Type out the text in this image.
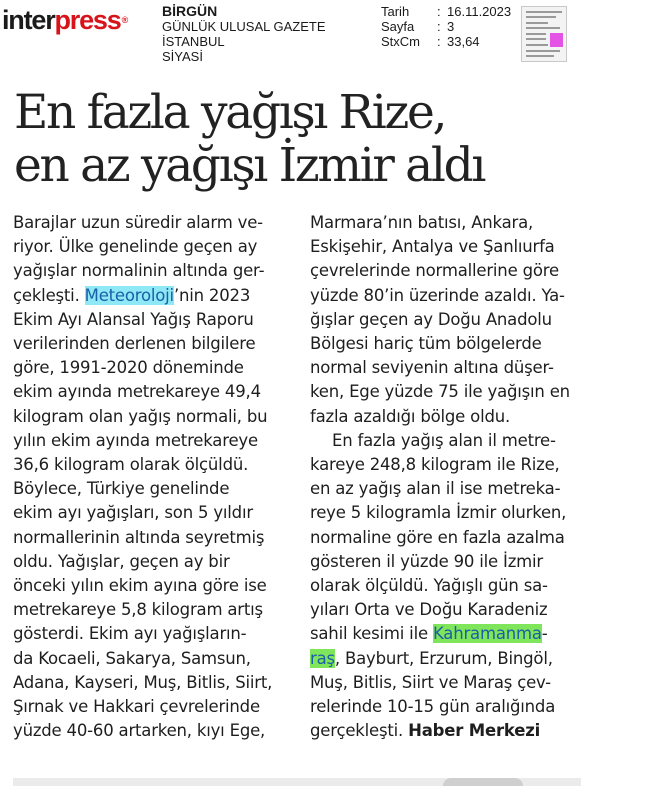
interpress®
BİRGÜN
GÜNLÜK ULUSAL GAZETE
İSTANBUL
SİYASİ
Tarih	: 16.11.2023
Sayfa	: 3
StxCm	: 33,64
En fazla yağışı Rize,
en az yağışı İzmir aldı
Barajlar uzun süredir alarm ve-
riyor. Ülke genelinde geçen ay
yağışlar normalinin altında ger-
çekleşti. Meteoroloji’nin 2023
Ekim Ayı Alansal Yağış Raporu
verilerinden derlenen bilgilere
göre, 1991-2020 döneminde
ekim ayında metrekareye 49,4
kilogram olan yağış normali, bu
yılın ekim ayında metrekareye
36,6 kilogram olarak ölçüldü.
Böylece, Türkiye genelinde
ekim ayı yağışları, son 5 yıldır
normallerinin altında seyretmiş
oldu. Yağışlar, geçen ay bir
önceki yılın ekim ayına göre ise
metrekareye 5,8 kilogram artış
gösterdi. Ekim ayı yağışların-
da Kocaeli, Sakarya, Samsun,
Adana, Kayseri, Muş, Bitlis, Siirt,
Şırnak ve Hakkari çevrelerinde
yüzde 40-60 artarken, kıyı Ege,
Marmara’nın batısı, Ankara,
Eskişehir, Antalya ve Şanlıurfa
çevrelerinde normallerine göre
yüzde 80’in üzerinde azaldı. Ya-
ğışlar geçen ay Doğu Anadolu
Bölgesi hariç tüm bölgelerde
normal seviyenin altına düşer-
ken, Ege yüzde 75 ile yağışın en
fazla azaldığı bölge oldu.
En fazla yağış alan il metre-
kareye 248,8 kilogram ile Rize,
en az yağış alan il ise metreka-
reye 5 kilogramla İzmir olurken,
normaline göre en fazla azalma
gösteren il yüzde 90 ile İzmir
olarak ölçüldü. Yağışlı gün sa-
yıları Orta ve Doğu Karadeniz
sahil kesimi ile Kahramanma-
raş, Bayburt, Erzurum, Bingöl,
Muş, Bitlis, Siirt ve Maraş çev-
relerinde 10-15 gün aralığında
gerçekleşti. Haber Merkezi
